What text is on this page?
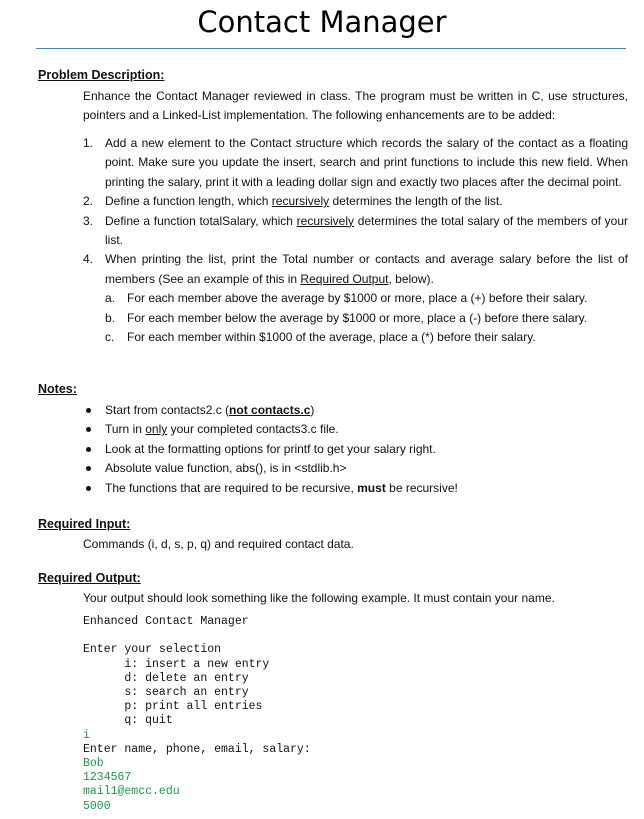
Contact Manager
Problem Description:
Enhance the Contact Manager reviewed in class. The program must be written in C, use structures, pointers and a Linked-List implementation. The following enhancements are to be added:
1. Add a new element to the Contact structure which records the salary of the contact as a floating point. Make sure you update the insert, search and print functions to include this new field. When printing the salary, print it with a leading dollar sign and exactly two places after the decimal point.
2. Define a function length, which recursively determines the length of the list.
3. Define a function totalSalary, which recursively determines the total salary of the members of your list.
4. When printing the list, print the Total number or contacts and average salary before the list of members (See an example of this in Required Output, below).
a. For each member above the average by $1000 or more, place a (+) before their salary.
b. For each member below the average by $1000 or more, place a (-) before there salary.
c. For each member within $1000 of the average, place a (*) before their salary.
Notes:
Start from contacts2.c (not contacts.c)
Turn in only your completed contacts3.c file.
Look at the formatting options for printf to get your salary right.
Absolute value function, abs(), is in <stdlib.h>
The functions that are required to be recursive, must be recursive!
Required Input:
Commands (i, d, s, p, q) and required contact data.
Required Output:
Your output should look something like the following example. It must contain your name.
Enhanced Contact Manager

Enter your selection
i: insert a new entry
d: delete an entry
s: search an entry
p: print all entries
q: quit
i
Enter name, phone, email, salary:
Bob
1234567
mail1@emcc.edu
5000
